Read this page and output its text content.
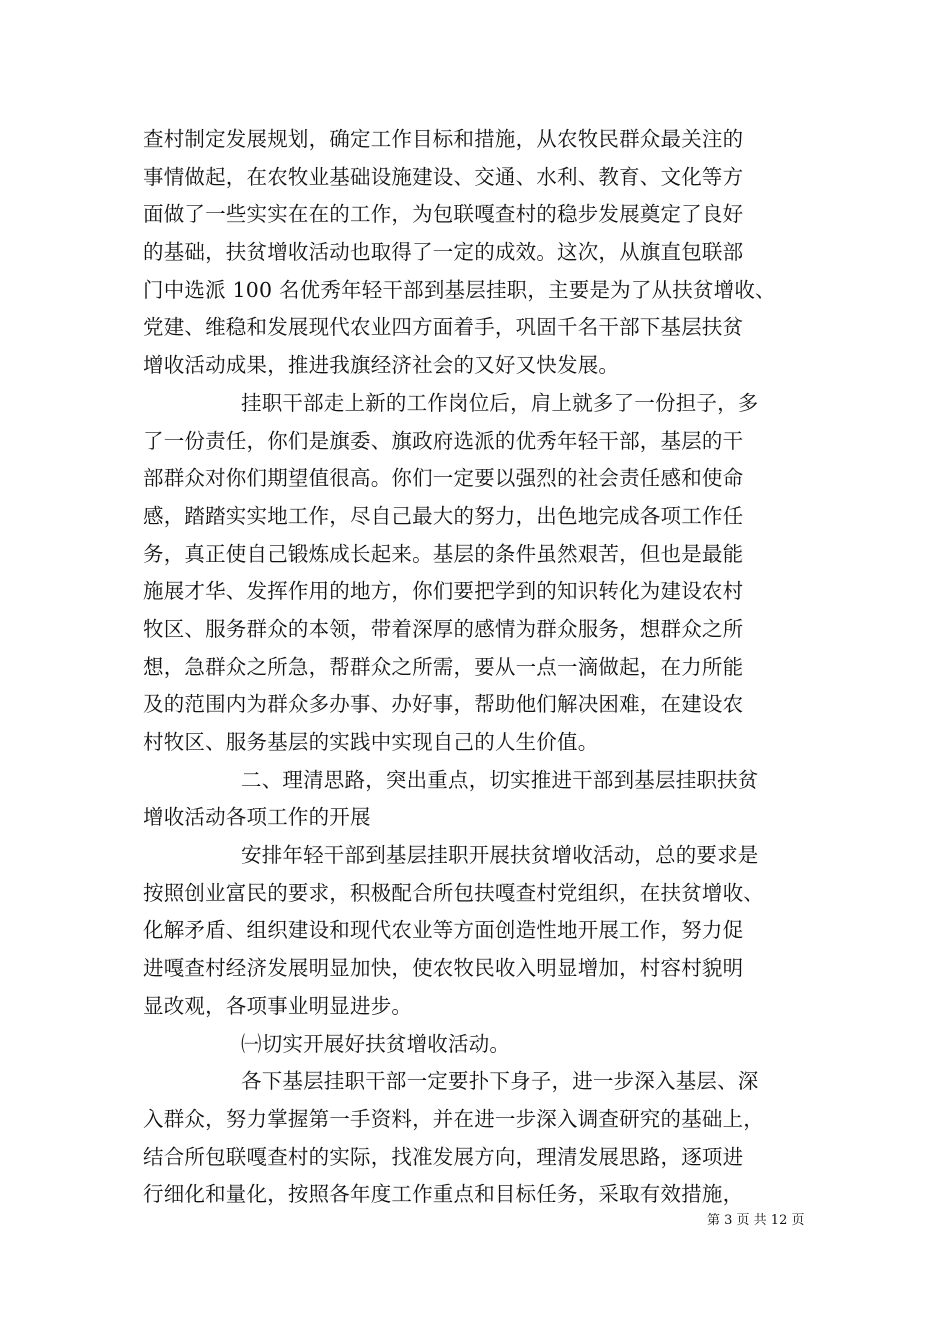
查村制定发展规划，确定工作目标和措施，从农牧民群众最关注的
事情做起，在农牧业基础设施建设、交通、水利、教育、文化等方
面做了一些实实在在的工作，为包联嘎查村的稳步发展奠定了良好
的基础，扶贫增收活动也取得了一定的成效。这次，从旗直包联部
门中选派 100 名优秀年轻干部到基层挂职，主要是为了从扶贫增收、
党建、维稳和发展现代农业四方面着手，巩固千名干部下基层扶贫
增收活动成果，推进我旗经济社会的又好又快发展。
挂职干部走上新的工作岗位后，肩上就多了一份担子，多
了一份责任，你们是旗委、旗政府选派的优秀年轻干部，基层的干
部群众对你们期望值很高。你们一定要以强烈的社会责任感和使命
感，踏踏实实地工作，尽自己最大的努力，出色地完成各项工作任
务，真正使自己锻炼成长起来。基层的条件虽然艰苦，但也是最能
施展才华、发挥作用的地方，你们要把学到的知识转化为建设农村
牧区、服务群众的本领，带着深厚的感情为群众服务，想群众之所
想，急群众之所急，帮群众之所需，要从一点一滴做起，在力所能
及的范围内为群众多办事、办好事，帮助他们解决困难，在建设农
村牧区、服务基层的实践中实现自己的人生价值。
二、理清思路，突出重点，切实推进干部到基层挂职扶贫
增收活动各项工作的开展
安排年轻干部到基层挂职开展扶贫增收活动，总的要求是
按照创业富民的要求，积极配合所包扶嘎查村党组织，在扶贫增收、
化解矛盾、组织建设和现代农业等方面创造性地开展工作，努力促
进嘎查村经济发展明显加快，使农牧民收入明显增加，村容村貌明
显改观，各项事业明显进步。
㈠切实开展好扶贫增收活动。
各下基层挂职干部一定要扑下身子，进一步深入基层、深
入群众，努力掌握第一手资料，并在进一步深入调查研究的基础上，
结合所包联嘎查村的实际，找准发展方向，理清发展思路，逐项进
行细化和量化，按照各年度工作重点和目标任务，采取有效措施，
第 3 页 共 12 页
